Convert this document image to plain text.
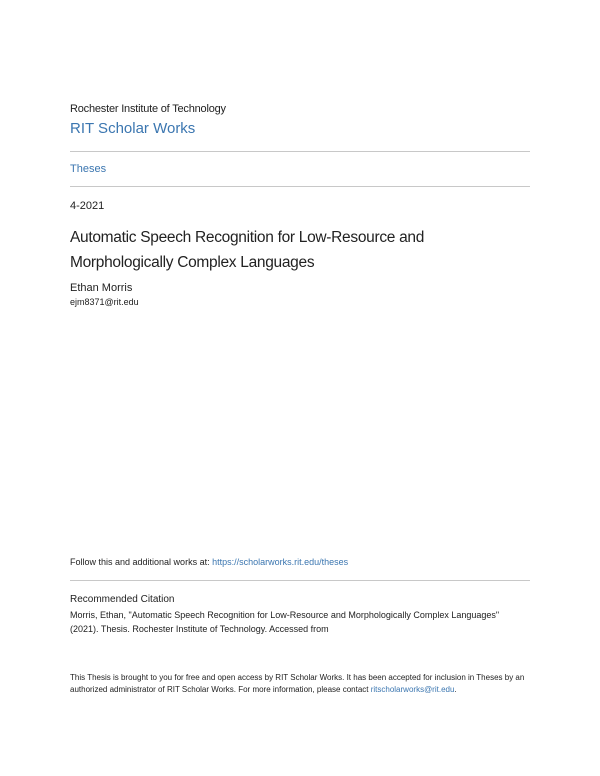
Rochester Institute of Technology
RIT Scholar Works
Theses
4-2021
Automatic Speech Recognition for Low-Resource and Morphologically Complex Languages
Ethan Morris
ejm8371@rit.edu
Follow this and additional works at: https://scholarworks.rit.edu/theses
Recommended Citation
Morris, Ethan, "Automatic Speech Recognition for Low-Resource and Morphologically Complex Languages" (2021). Thesis. Rochester Institute of Technology. Accessed from
This Thesis is brought to you for free and open access by RIT Scholar Works. It has been accepted for inclusion in Theses by an authorized administrator of RIT Scholar Works. For more information, please contact ritscholarworks@rit.edu.
